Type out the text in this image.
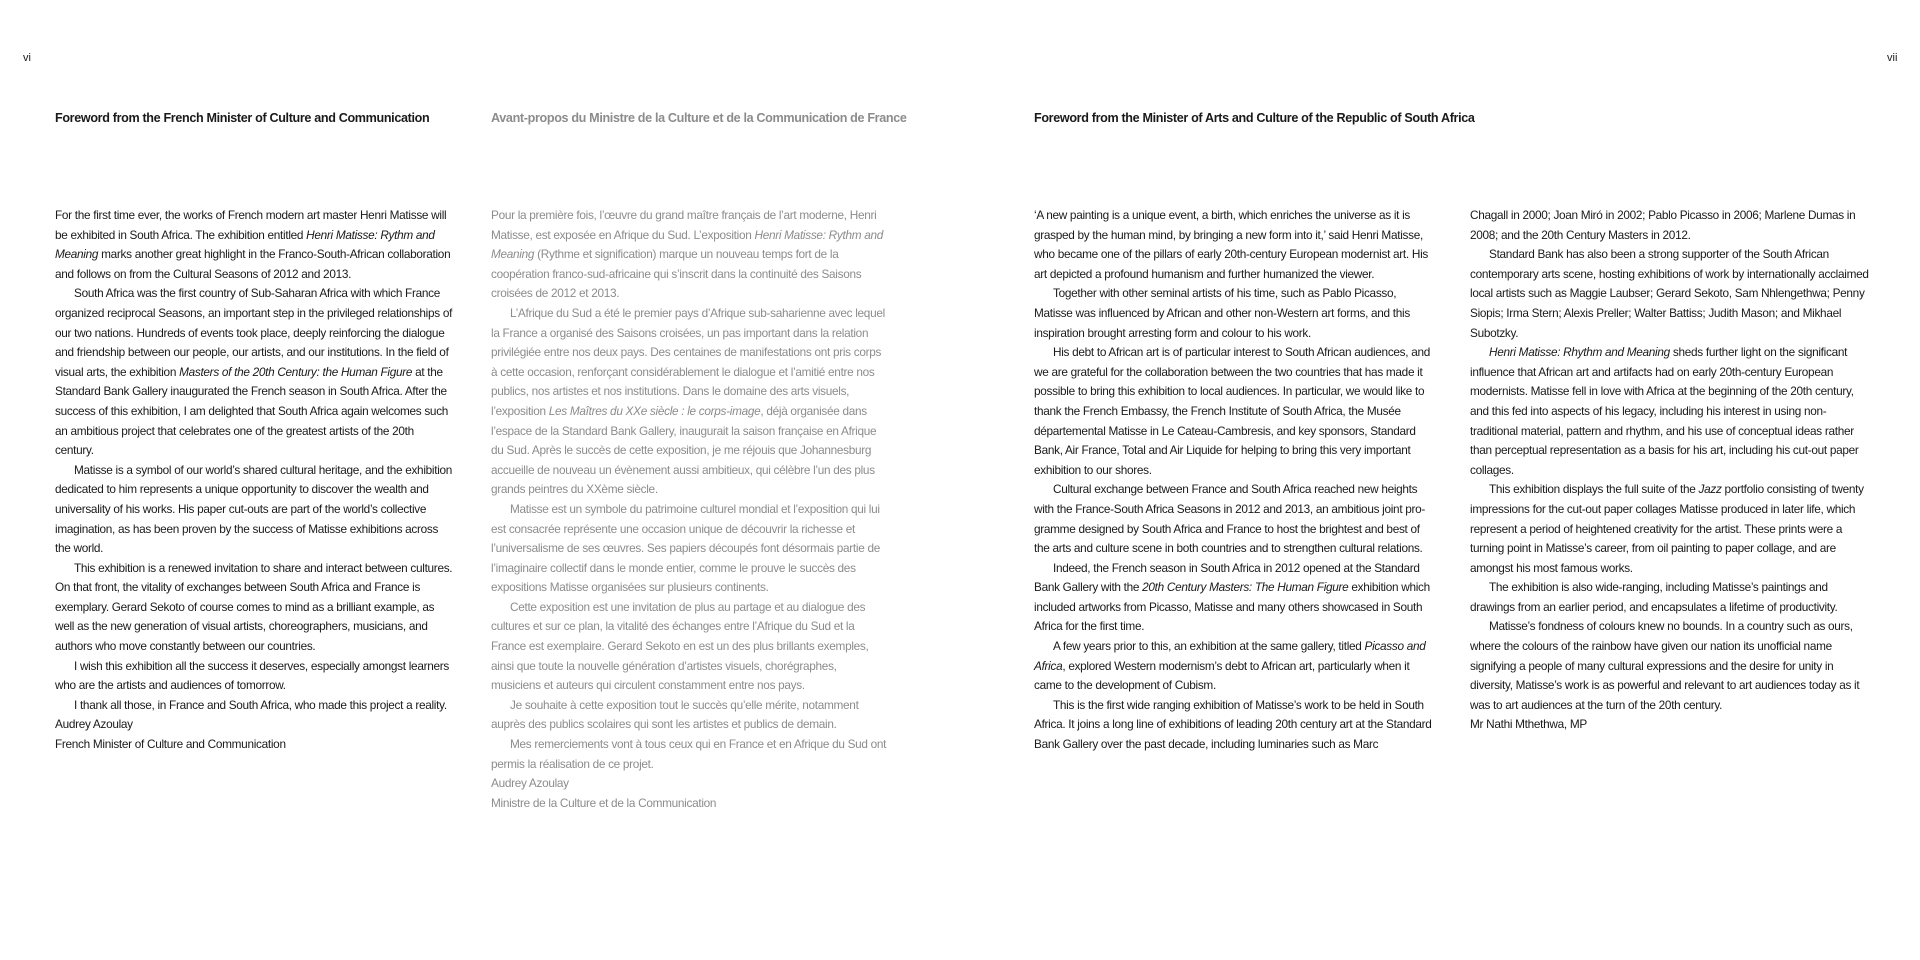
vi	vii
Foreword from the French Minister of Culture and Communication	Avant-propos du Ministre de la Culture et de la Communication de France	Foreword from the Minister of Arts and Culture of the Republic of South Africa

For the first time ever, the works of French modern art master Henri Matisse will be exhibited in South Africa. The exhibition entitled Henri Matisse: Rythm and Meaning marks another great highlight in the Franco-South-African collaboration and follows on from the Cultural Seasons of 2012 and 2013.

South Africa was the first country of Sub-Saharan Africa with which France organized reciprocal Seasons, an important step in the privileged relationships of our two nations. Hundreds of events took place, deeply reinforcing the dialogue and friendship between our people, our artists, and our institutions. In the field of visual arts, the exhibition Masters of the 20th Century: the Human Figure at the Standard Bank Gallery inaugurated the French season in South Africa. After the success of this exhibition, I am delighted that South Africa again welcomes such an ambitious project that celebrates one of the greatest artists of the 20th century.

Matisse is a symbol of our world’s shared cultural heritage, and the exhibition dedicated to him represents a unique opportunity to discover the wealth and universality of his works. His paper cut-outs are part of the world’s collective imagination, as has been proven by the success of Matisse exhibitions across the world.

This exhibition is a renewed invitation to share and interact between cultures. On that front, the vitality of exchanges between South Africa and France is exemplary. Gerard Sekoto of course comes to mind as a brilliant example, as well as the new generation of visual artists, choreographers, musicians, and authors who move constantly between our countries.

I wish this exhibition all the success it deserves, especially amongst learners who are the artists and audiences of tomorrow.

I thank all those, in France and South Africa, who made this project a reality.

Audrey Azoulay

French Minister of Culture and Communication

Pour la première fois, l’œuvre du grand maître français de l’art moderne, Henri Matisse, est exposée en Afrique du Sud. L’exposition Henri Matisse: Rythm and Meaning (Rythme et signification) marque un nouveau temps fort de la coopération franco-sud-africaine qui s’inscrit dans la continuité des Saisons croisées de 2012 et 2013.

L’Afrique du Sud a été le premier pays d’Afrique sub-saharienne avec lequel la France a organisé des Saisons croisées, un pas important dans la relation privilégiée entre nos deux pays. Des centaines de manifestations ont pris corps à cette occasion, renforçant considérablement le dialogue et l’amitié entre nos publics, nos artistes et nos institutions. Dans le domaine des arts visuels, l’exposition Les Maîtres du XXe siècle : le corps-image, déjà organisée dans l’espace de la Standard Bank Gallery, inaugurait la saison française en Afrique du Sud. Après le succès de cette exposition, je me réjouis que Johannesburg accueille de nouveau un évènement aussi ambitieux, qui célèbre l’un des plus grands peintres du XXème siècle.

Matisse est un symbole du patrimoine culturel mondial et l’exposition qui lui est consacrée représente une occasion unique de découvrir la richesse et l’universalisme de ses œuvres. Ses papiers découpés font désormais partie de l’imaginaire collectif dans le monde entier, comme le prouve le succès des expositions Matisse organisées sur plusieurs continents.

Cette exposition est une invitation de plus au partage et au dialogue des cultures et sur ce plan, la vitalité des échanges entre l’Afrique du Sud et la France est exemplaire. Gerard Sekoto en est un des plus brillants exemples, ainsi que toute la nouvelle génération d’artistes visuels, chorégraphes, musiciens et auteurs qui circulent constamment entre nos pays.

Je souhaite à cette exposition tout le succès qu’elle mérite, notamment auprès des publics scolaires qui sont les artistes et publics de demain.

Mes remerciements vont à tous ceux qui en France et en Afrique du Sud ont permis la réalisation de ce projet.

Audrey Azoulay

Ministre de la Culture et de la Communication

‘A new painting is a unique event, a birth, which enriches the universe as it is grasped by the human mind, by bringing a new form into it,’ said Henri Matisse, who became one of the pillars of early 20th-century European modernist art. His art depicted a profound humanism and further humanized the viewer.

Together with other seminal artists of his time, such as Pablo Picasso, Matisse was influenced by African and other non-Western art forms, and this inspiration brought arresting form and colour to his work.

His debt to African art is of particular interest to South African audiences, and we are grateful for the collaboration between the two countries that has made it possible to bring this exhibition to local audiences. In particular, we would like to thank the French Embassy, the French Institute of South Africa, the Musée départemental Matisse in Le Cateau-Cambresis, and key sponsors, Standard Bank, Air France, Total and Air Liquide for helping to bring this very important exhibition to our shores.

Cultural exchange between France and South Africa reached new heights with the France-South Africa Seasons in 2012 and 2013, an ambitious joint pro-gramme designed by South Africa and France to host the brightest and best of the arts and culture scene in both countries and to strengthen cultural relations.

Indeed, the French season in South Africa in 2012 opened at the Standard Bank Gallery with the 20th Century Masters: The Human Figure exhibition which included artworks from Picasso, Matisse and many others showcased in South Africa for the first time.

A few years prior to this, an exhibition at the same gallery, titled Picasso and Africa, explored Western modernism’s debt to African art, particularly when it came to the development of Cubism.

This is the first wide ranging exhibition of Matisse’s work to be held in South Africa. It joins a long line of exhibitions of leading 20th century art at the Standard Bank Gallery over the past decade, including luminaries such as Marc

Chagall in 2000; Joan Miró in 2002; Pablo Picasso in 2006; Marlene Dumas in 2008; and the 20th Century Masters in 2012.

Standard Bank has also been a strong supporter of the South African contemporary arts scene, hosting exhibitions of work by internationally acclaimed local artists such as Maggie Laubser; Gerard Sekoto, Sam Nhlengethwa; Penny Siopis; Irma Stern; Alexis Preller; Walter Battiss; Judith Mason; and Mikhael Subotzky.

Henri Matisse: Rhythm and Meaning sheds further light on the significant influence that African art and artifacts had on early 20th-century European modernists. Matisse fell in love with Africa at the beginning of the 20th century, and this fed into aspects of his legacy, including his interest in using non-traditional material, pattern and rhythm, and his use of conceptual ideas rather than perceptual representation as a basis for his art, including his cut-out paper collages.

This exhibition displays the full suite of the Jazz portfolio consisting of twenty impressions for the cut-out paper collages Matisse produced in later life, which represent a period of heightened creativity for the artist. These prints were a turning point in Matisse’s career, from oil painting to paper collage, and are amongst his most famous works.

The exhibition is also wide-ranging, including Matisse’s paintings and drawings from an earlier period, and encapsulates a lifetime of productivity.

Matisse’s fondness of colours knew no bounds. In a country such as ours, where the colours of the rainbow have given our nation its unofficial name signifying a people of many cultural expressions and the desire for unity in diversity, Matisse’s work is as powerful and relevant to art audiences today as it was to art audiences at the turn of the 20th century.

Mr Nathi Mthethwa, MP
